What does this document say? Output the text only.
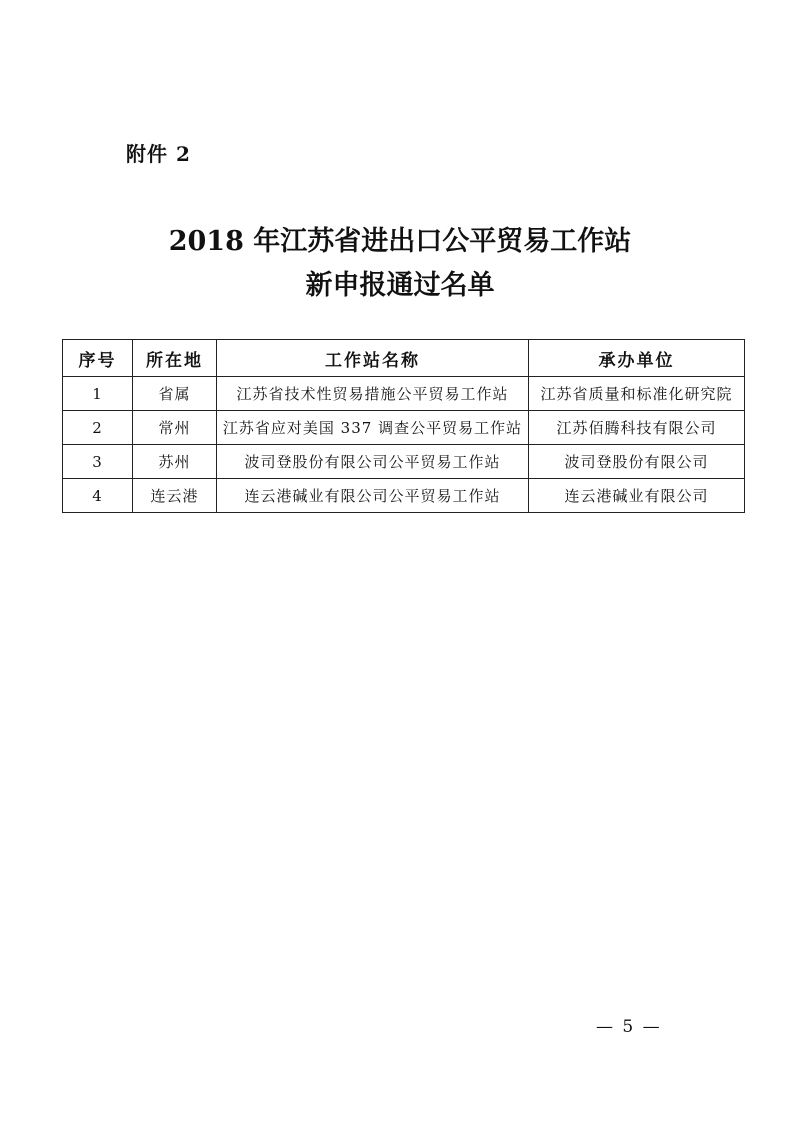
附件 2
2018 年江苏省进出口公平贸易工作站
新申报通过名单
序号	所在地	工作站名称	承办单位
1	省属	江苏省技术性贸易措施公平贸易工作站	江苏省质量和标准化研究院
2	常州	江苏省应对美国 337 调查公平贸易工作站	江苏佰腾科技有限公司
3	苏州	波司登股份有限公司公平贸易工作站	波司登股份有限公司
4	连云港	连云港碱业有限公司公平贸易工作站	连云港碱业有限公司
— 5 —
